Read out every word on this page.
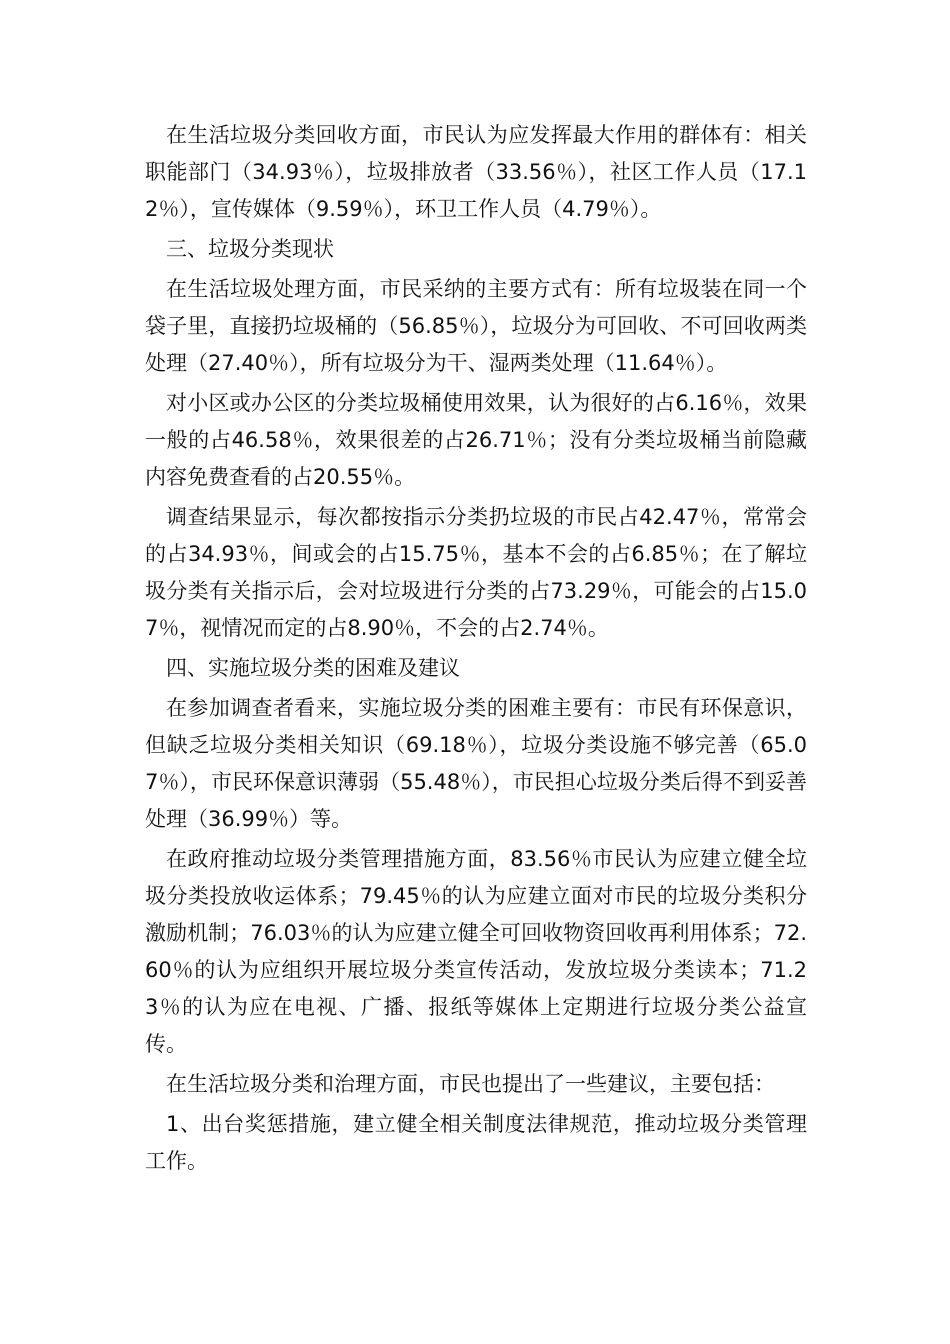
在生活垃圾分类回收方面，市民认为应发挥最大作用的群体有：相关职能部门（34.93％），垃圾排放者（33.56％），社区工作人员（17.12％），宣传媒体（9.59％），环卫工作人员（4.79％）。

三、垃圾分类现状

在生活垃圾处理方面，市民采纳的主要方式有：所有垃圾装在同一个袋子里，直接扔垃圾桶的（56.85％），垃圾分为可回收、不可回收两类处理（27.40％），所有垃圾分为干、湿两类处理（11.64％）。

对小区或办公区的分类垃圾桶使用效果，认为很好的占6.16％，效果一般的占46.58％，效果很差的占26.71％；没有分类垃圾桶当前隐藏内容免费查看的占20.55％。

调查结果显示，每次都按指示分类扔垃圾的市民占42.47％，常常会的占34.93％，间或会的占15.75％，基本不会的占6.85％；在了解垃圾分类有关指示后，会对垃圾进行分类的占73.29％，可能会的占15.07％，视情况而定的占8.90％，不会的占2.74％。

四、实施垃圾分类的困难及建议

在参加调查者看来，实施垃圾分类的困难主要有：市民有环保意识，但缺乏垃圾分类相关知识（69.18％），垃圾分类设施不够完善（65.07％），市民环保意识薄弱（55.48％），市民担心垃圾分类后得不到妥善处理（36.99％）等。

在政府推动垃圾分类管理措施方面，83.56％市民认为应建立健全垃圾分类投放收运体系；79.45％的认为应建立面对市民的垃圾分类积分激励机制；76.03％的认为应建立健全可回收物资回收再利用体系；72.60％的认为应组织开展垃圾分类宣传活动，发放垃圾分类读本；71.23％的认为应在电视、广播、报纸等媒体上定期进行垃圾分类公益宣传。

在生活垃圾分类和治理方面，市民也提出了一些建议，主要包括：

1、出台奖惩措施，建立健全相关制度法律规范，推动垃圾分类管理工作。
